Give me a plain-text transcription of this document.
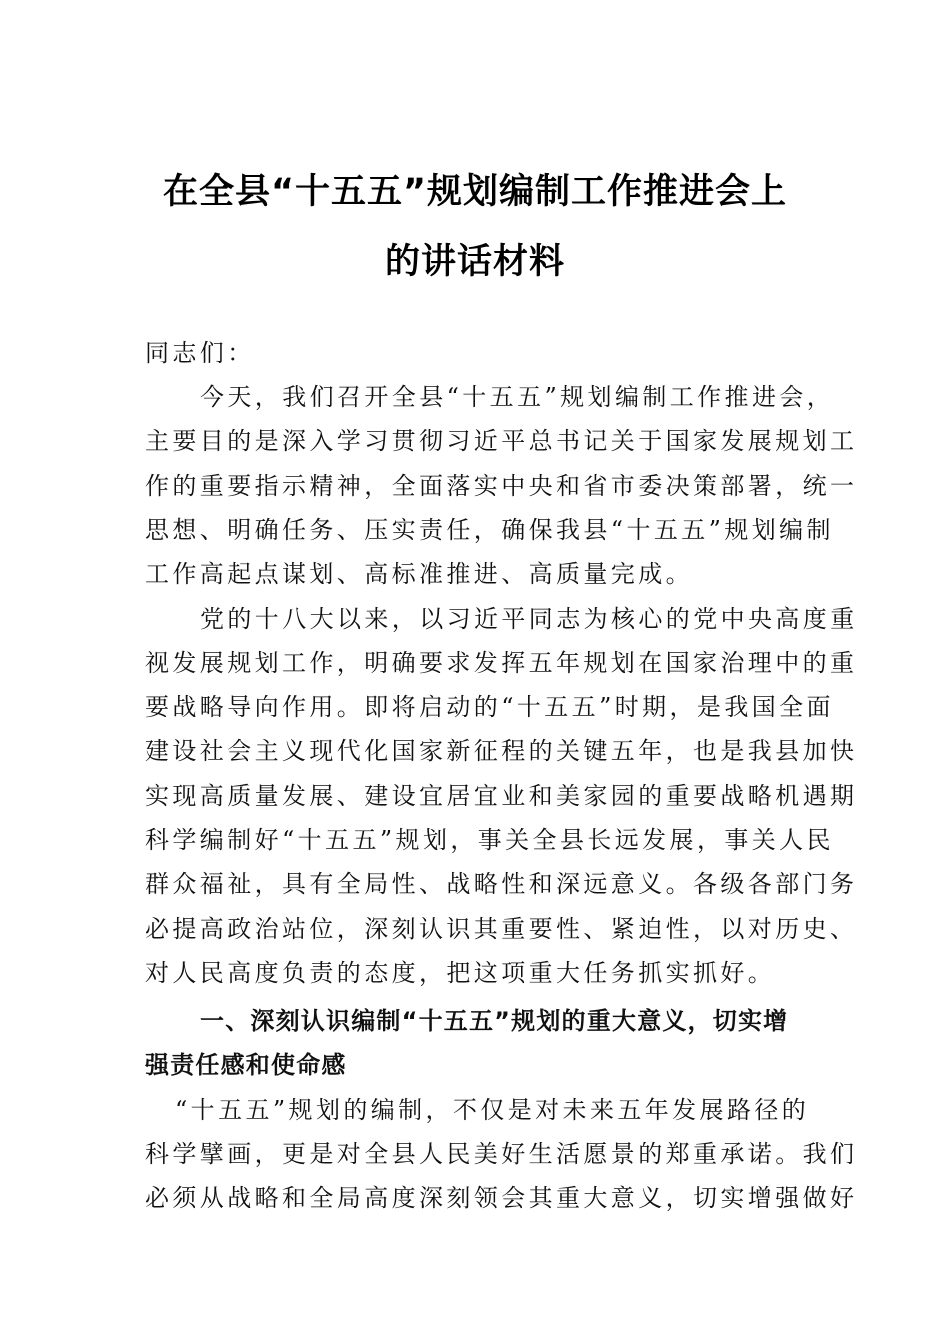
在全县“十五五”规划编制工作推进会上
的讲话材料
同志们：
今天，我们召开全县“十五五”规划编制工作推进会，
主要目的是深入学习贯彻习近平总书记关于国家发展规划工
作的重要指示精神，全面落实中央和省市委决策部署，统一
思想、明确任务、压实责任，确保我县“十五五”规划编制
工作高起点谋划、高标准推进、高质量完成。
党的十八大以来，以习近平同志为核心的党中央高度重
视发展规划工作，明确要求发挥五年规划在国家治理中的重
要战略导向作用。即将启动的“十五五”时期，是我国全面
建设社会主义现代化国家新征程的关键五年，也是我县加快
实现高质量发展、建设宜居宜业和美家园的重要战略机遇期
科学编制好“十五五”规划，事关全县长远发展，事关人民
群众福祉，具有全局性、战略性和深远意义。各级各部门务
必提高政治站位，深刻认识其重要性、紧迫性，以对历史、
对人民高度负责的态度，把这项重大任务抓实抓好。
一、深刻认识编制“十五五”规划的重大意义，切实增
强责任感和使命感
“十五五”规划的编制，不仅是对未来五年发展路径的
科学擘画，更是对全县人民美好生活愿景的郑重承诺。我们
必须从战略和全局高度深刻领会其重大意义，切实增强做好
